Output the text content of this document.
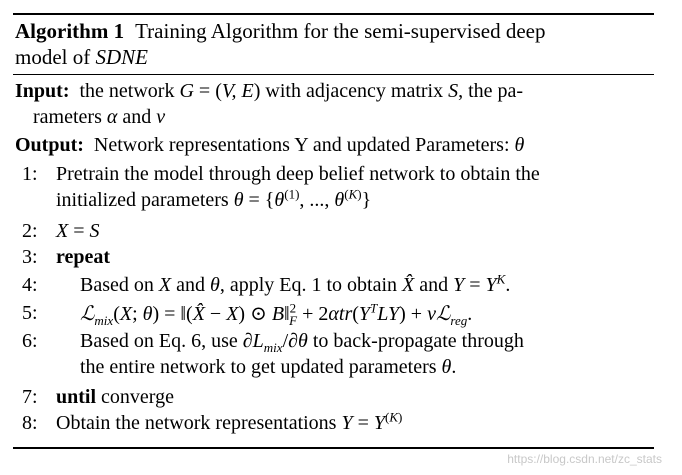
Algorithm 1 Training Algorithm for the semi-supervised deep
model of SDNE
Input: the network G = (V, E) with adjacency matrix S, the pa-
rameters α and ν
Output: Network representations Y and updated Parameters: θ
1: Pretrain the model through deep belief network to obtain the
initialized parameters $\theta = \{\theta^{(1)}$, ..., $\theta^{(K)}$}
2: X = S
3: repeat
4: Based on X and θ, apply Eq. 1 to obtain X̂ and $Y = Y^K$.
5: ℒ$_{mix}$(X; θ) = ‖(X̂ − X) ⊙ B‖$^2_F$ + $2\alpha tr(Y^TLY)$ + νℒ$_{reg}$.
6: Based on Eq. 6, use $\partial L_{mix}/\partial\theta$ to back-propagate through
the entire network to get updated parameters θ.
7: until converge
8: Obtain the network representations $Y = Y^{(K)}$
https://blog.csdn.net/zc_stats
